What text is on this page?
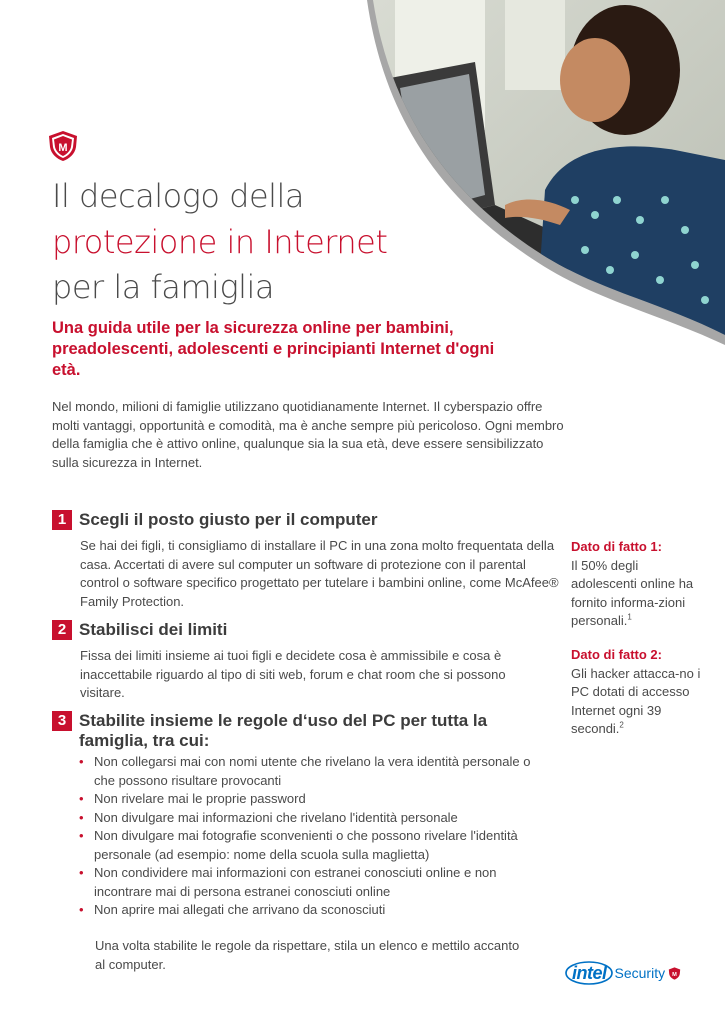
M
Il decalogo della
protezione in Internet
per la famiglia
Una guida utile per la sicurezza online per bambini, preadolescenti, adolescenti e principianti Internet d'ogni età.
Nel mondo, milioni di famiglie utilizzano quotidianamente Internet. Il cyberspazio offre molti vantaggi, opportunità e comodità, ma è anche sempre più pericoloso. Ogni membro della famiglia che è attivo online, qualunque sia la sua età, deve essere sensibilizzato sulla sicurezza in Internet.
1 Scegli il posto giusto per il computer
Se hai dei figli, ti consigliamo di installare il PC in una zona molto frequentata della casa. Accertati di avere sul computer un software di protezione con il parental control o software specifico progettato per tutelare i bambini online, come McAfee® Family Protection.
2 Stabilisci dei limiti
Fissa dei limiti insieme ai tuoi figli e decidete cosa è ammissibile e cosa è inaccettabile riguardo al tipo di siti web, forum e chat room che si possono visitare.
3 Stabilite insieme le regole d‘uso del PC per tutta la famiglia, tra cui:
• Non collegarsi mai con nomi utente che rivelano la vera identità personale o che possono risultare provocanti
• Non rivelare mai le proprie password
• Non divulgare mai informazioni che rivelano l'identità personale
• Non divulgare mai fotografie sconvenienti o che possono rivelare l'identità personale (ad esempio: nome della scuola sulla maglietta)
• Non condividere mai informazioni con estranei conosciuti online e non incontrare mai di persona estranei conosciuti online
• Non aprire mai allegati che arrivano da sconosciuti
Una volta stabilite le regole da rispettare, stila un elenco e mettilo accanto al computer.
Dato di fatto 1:
Il 50% degli adolescenti online ha fornito informa-zioni personali.$^1$
Dato di fatto 2:
Gli hacker attacca-no i PC dotati di accesso Internet ogni 39 secondi.$^2$
intel Security M
